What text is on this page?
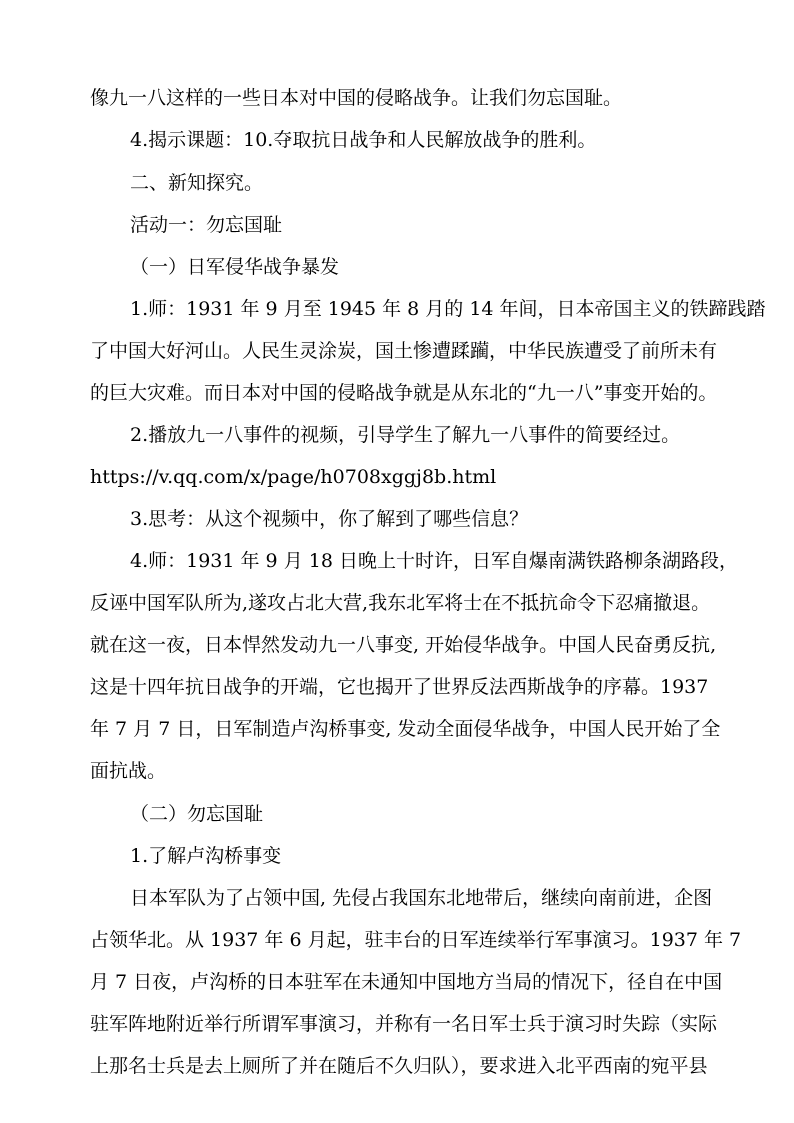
像九一八这样的一些日本对中国的侵略战争。让我们勿忘国耻。

4.揭示课题：10.夺取抗日战争和人民解放战争的胜利。

二、新知探究。

活动一：勿忘国耻

（一）日军侵华战争暴发

1.师：1931 年 9 月至 1945 年 8 月的 14 年间，日本帝国主义的铁蹄践踏

了中国大好河山。人民生灵涂炭，国土惨遭蹂躏，中华民族遭受了前所未有

的巨大灾难。而日本对中国的侵略战争就是从东北的“九一八”事变开始的。

2.播放九一八事件的视频，引导学生了解九一八事件的简要经过。

https://v.qq.com/x/page/h0708xggj8b.html

3.思考：从这个视频中，你了解到了哪些信息？

4.师：1931 年 9 月 18 日晚上十时许，日军自爆南满铁路柳条湖路段，

反诬中国军队所为,遂攻占北大营,我东北军将士在不抵抗命令下忍痛撤退。

就在这一夜，日本悍然发动九一八事变, 开始侵华战争。中国人民奋勇反抗,

这是十四年抗日战争的开端，它也揭开了世界反法西斯战争的序幕。1937

年 7 月 7 日，日军制造卢沟桥事变, 发动全面侵华战争，中国人民开始了全

面抗战。

（二）勿忘国耻

1.了解卢沟桥事变

日本军队为了占领中国, 先侵占我国东北地带后，继续向南前进，企图

占领华北。从 1937 年 6 月起，驻丰台的日军连续举行军事演习。1937 年 7

月 7 日夜，卢沟桥的日本驻军在未通知中国地方当局的情况下，径自在中国

驻军阵地附近举行所谓军事演习，并称有一名日军士兵于演习时失踪（实际

上那名士兵是去上厕所了并在随后不久归队），要求进入北平西南的宛平县
